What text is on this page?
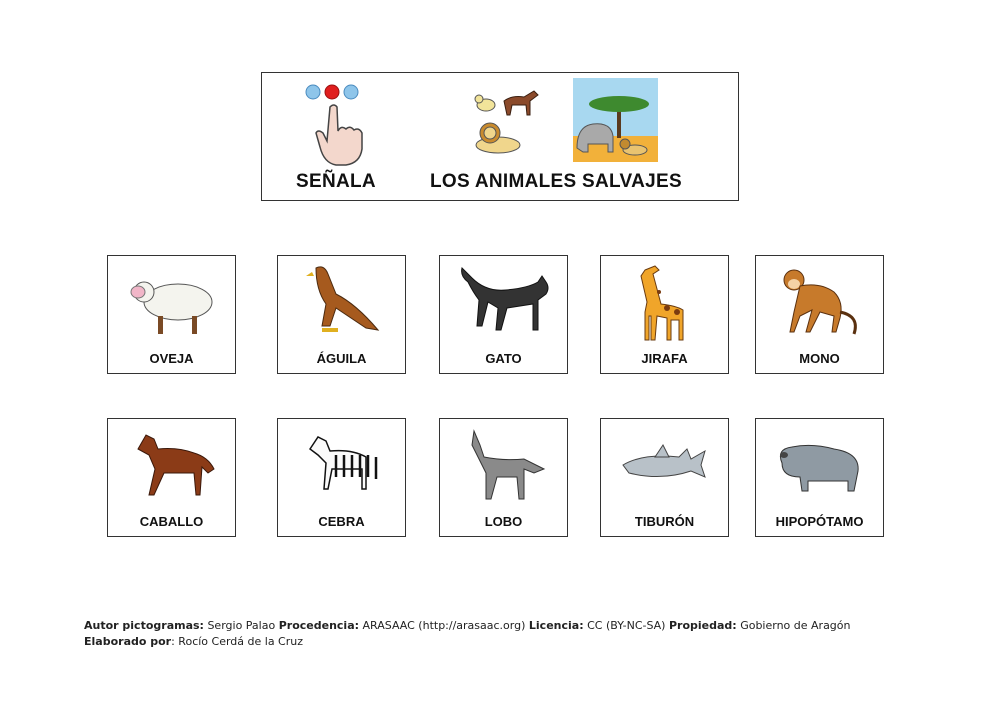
SEÑALA	LOS ANIMALES SALVAJES
OVEJA	ÁGUILA	GATO	JIRAFA	MONO
CABALLO	CEBRA	LOBO	TIBURÓN	HIPOPÓTAMO
Autor pictogramas: Sergio Palao Procedencia: ARASAAC (http://arasaac.org) Licencia: CC (BY-NC-SA) Propiedad: Gobierno de Aragón
Elaborado por: Rocío Cerdá de la Cruz
